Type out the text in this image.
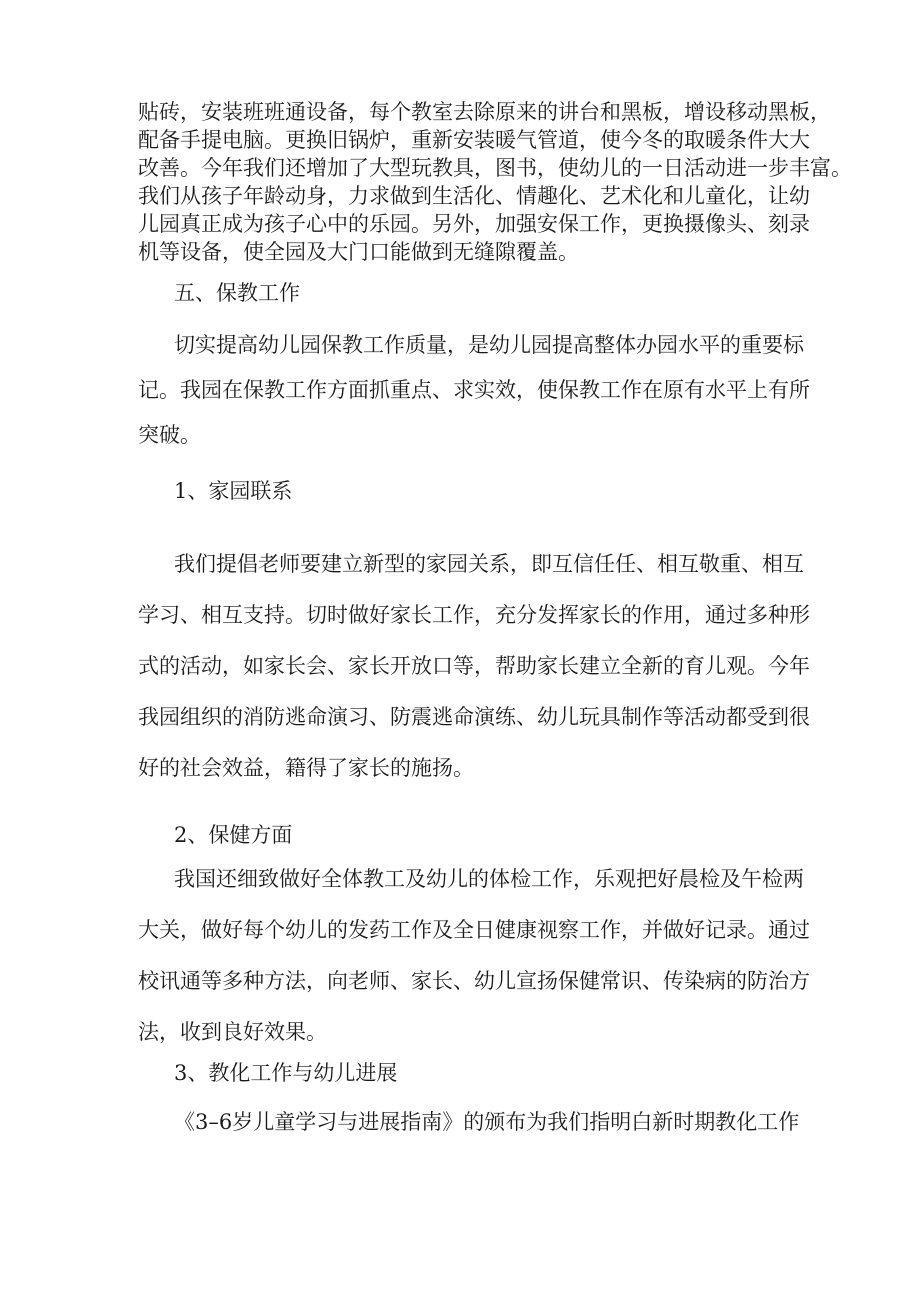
贴砖，安装班班通设备，每个教室去除原来的讲台和黑板，增设移动黑板，
配备手提电脑。更换旧锅炉，重新安装暖气管道，使今冬的取暖条件大大
改善。今年我们还增加了大型玩教具，图书，使幼儿的一日活动进一步丰富。
我们从孩子年龄动身，力求做到生活化、情趣化、艺术化和儿童化，让幼
儿园真正成为孩子心中的乐园。另外，加强安保工作，更换摄像头、刻录
机等设备，使全园及大门口能做到无缝隙覆盖。
五、保教工作
切实提高幼儿园保教工作质量，是幼儿园提高整体办园水平的重要标
记。我园在保教工作方面抓重点、求实效，使保教工作在原有水平上有所
突破。
1、家园联系
我们提倡老师要建立新型的家园关系，即互信任任、相互敬重、相互
学习、相互支持。切时做好家长工作，充分发挥家长的作用，通过多种形
式的活动，如家长会、家长开放口等，帮助家长建立全新的育儿观。今年
我园组织的消防逃命演习、防震逃命演练、幼儿玩具制作等活动都受到很
好的社会效益，籍得了家长的施扬。
2、保健方面
我国还细致做好全体教工及幼儿的体检工作，乐观把好晨检及午检两
大关，做好每个幼儿的发药工作及全日健康视察工作，并做好记录。通过
校讯通等多种方法，向老师、家长、幼儿宣扬保健常识、传染病的防治方
法，收到良好效果。
3、教化工作与幼儿进展
《3–6岁儿童学习与进展指南》的颁布为我们指明白新时期教化工作
